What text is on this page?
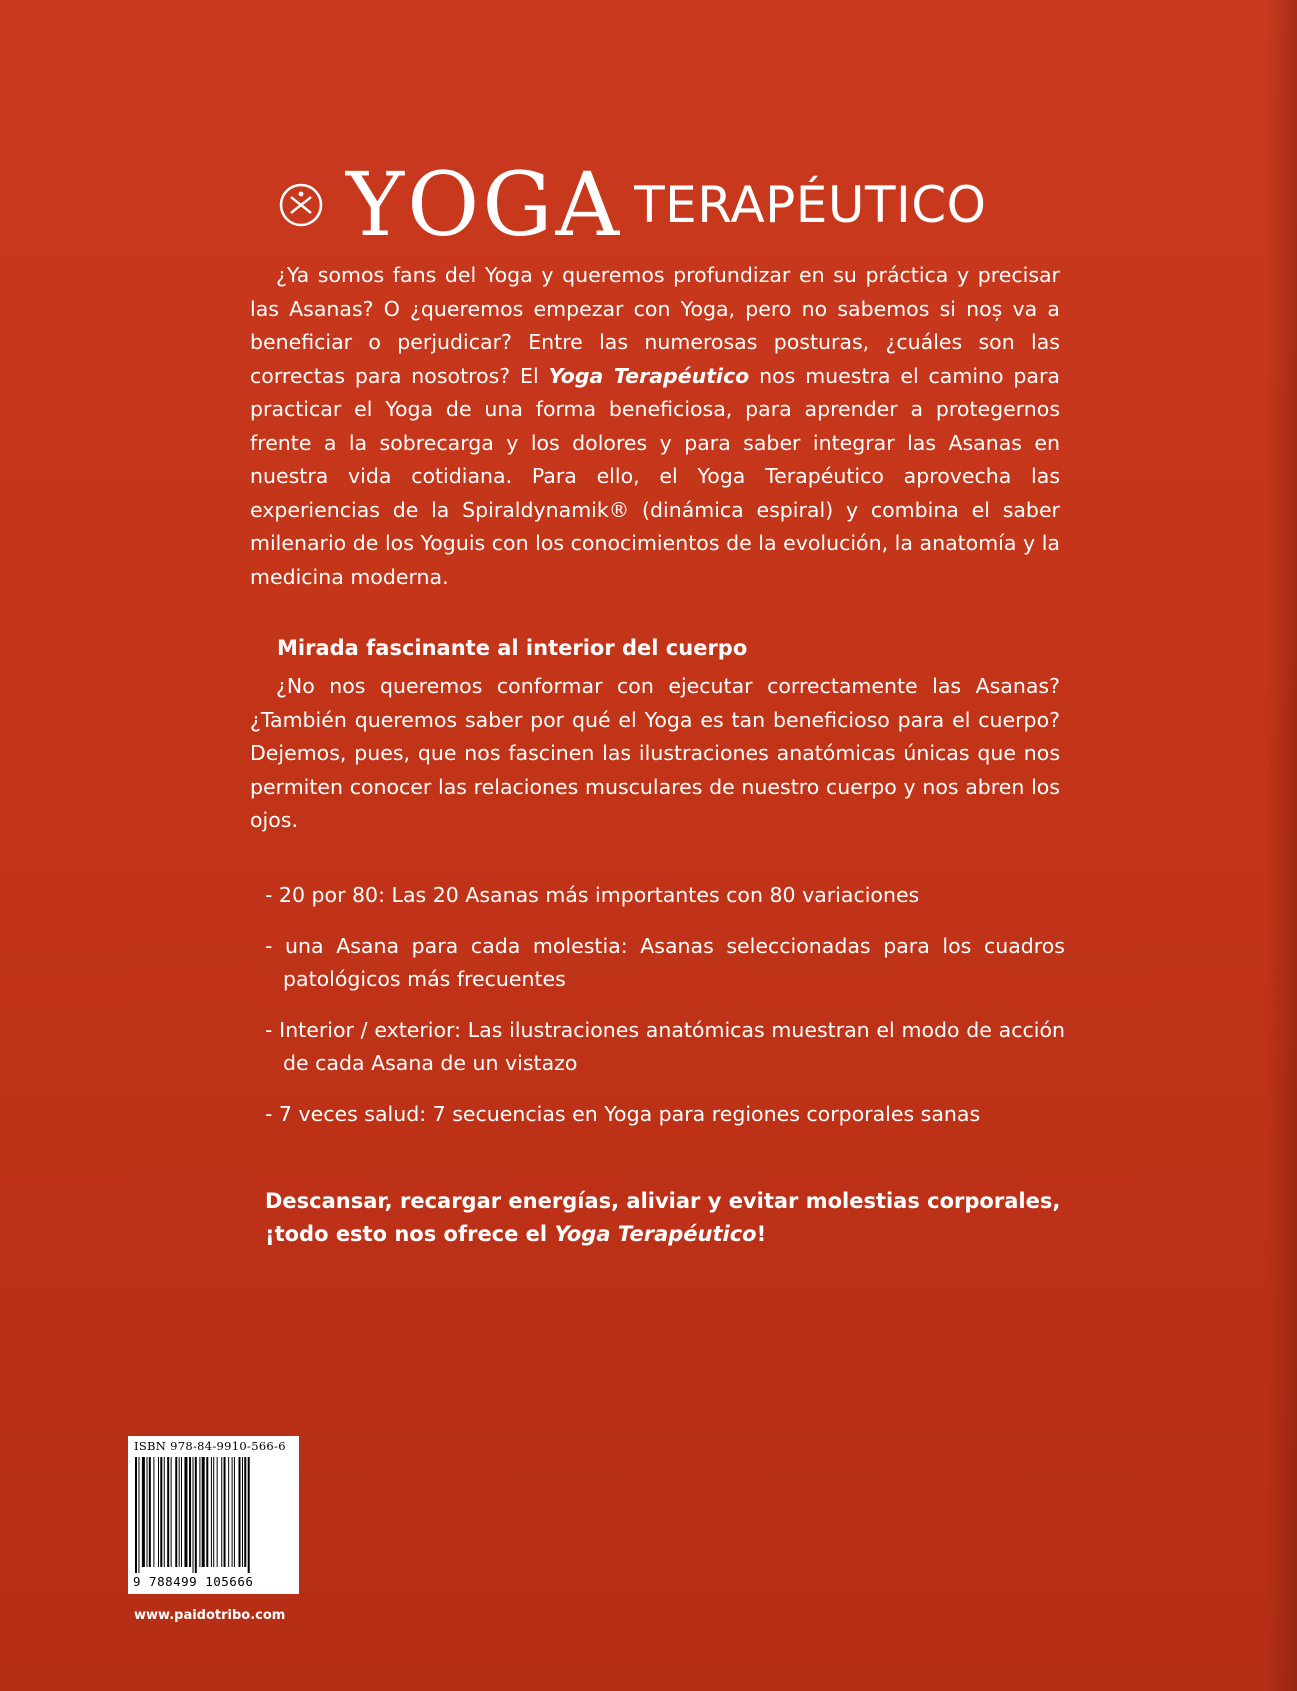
YOGA TERAPÉUTICO

¿Ya somos fans del Yoga y queremos profundizar en su práctica y precisar las Asanas? O ¿queremos empezar con Yoga, pero no sabemos si noș va a beneficiar o perjudicar? Entre las numerosas posturas, ¿cuáles son las correctas para nosotros? El Yoga Terapéutico nos muestra el camino para practicar el Yoga de una forma beneficiosa, para aprender a protegernos frente a la sobrecarga y los dolores y para saber integrar las Asanas en nuestra vida cotidiana. Para ello, el Yoga Terapéutico aprovecha las experiencias de la Spiraldynamik® (dinámica espiral) y combina el saber milenario de los Yoguis con los conocimientos de la evolución, la anatomía y la medicina moderna.

Mirada fascinante al interior del cuerpo

¿No nos queremos conformar con ejecutar correctamente las Asanas? ¿También queremos saber por qué el Yoga es tan beneficioso para el cuerpo? Dejemos, pues, que nos fascinen las ilustraciones anatómicas únicas que nos permiten conocer las relaciones musculares de nuestro cuerpo y nos abren los ojos.

- 20 por 80: Las 20 Asanas más importantes con 80 variaciones
- una Asana para cada molestia: Asanas seleccionadas para los cuadros patológicos más frecuentes
- Interior / exterior: Las ilustraciones anatómicas muestran el modo de acción de cada Asana de un vistazo
- 7 veces salud: 7 secuencias en Yoga para regiones corporales sanas

Descansar, recargar energías, aliviar y evitar molestias corporales,
¡todo esto nos ofrece el Yoga Terapéutico!

ISBN 978-84-9910-566-6
9 788499 105666

www.paidotribo.com
